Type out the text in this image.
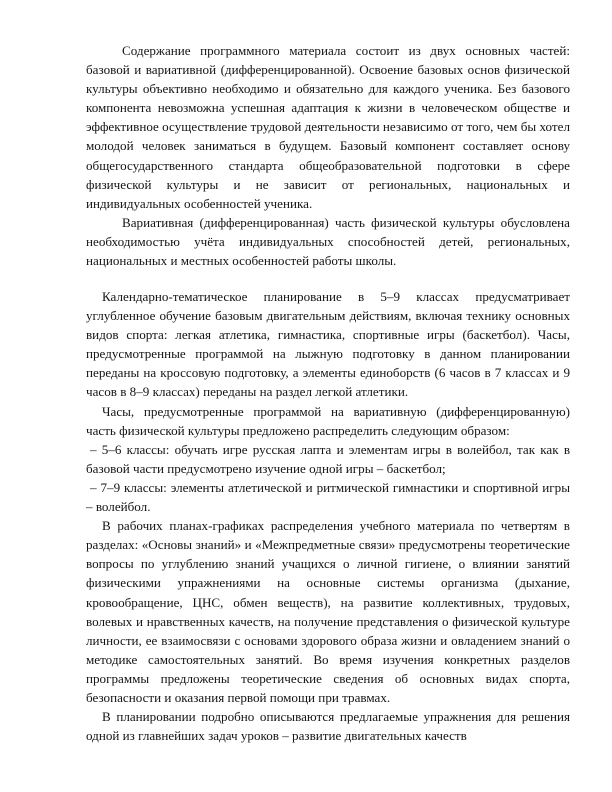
Содержание программного материала состоит из двух основных частей: базовой и вариативной (дифференцированной). Освоение базовых основ физической культуры объективно необходимо и обязательно для каждого ученика. Без базового компонента невозможна успешная адаптация к жизни в человеческом обществе и эффективное осуществление трудовой деятельности независимо от того, чем бы хотел молодой человек заниматься в будущем. Базовый компонент составляет основу общегосударственного стандарта общеобразовательной подготовки в сфере физической культуры и не зависит от региональных, национальных и индивидуальных особенностей ученика.

Вариативная (дифференцированная) часть физической культуры обусловлена необходимостью учёта индивидуальных способностей детей, региональных, национальных и местных особенностей работы школы.

Календарно-тематическое планирование в 5–9 классах предусматривает углубленное обучение базовым двигательным действиям, включая технику основных видов спорта: легкая атлетика, гимнастика, спортивные игры (баскетбол). Часы, предусмотренные программой на лыжную подготовку в данном планировании переданы на кроссовую подготовку, а элементы единоборств (6 часов в 7 классах и 9 часов в 8–9 классах) переданы на раздел легкой атлетики.

Часы, предусмотренные программой на вариативную (дифференцированную) часть физической культуры предложено распределить следующим образом:

– 5–6 классы: обучать игре русская лапта и элементам игры в волейбол, так как в базовой части предусмотрено изучение одной игры – баскетбол;

– 7–9 классы: элементы атлетической и ритмической гимнастики и спортивной игры – волейбол.

В рабочих планах-графиках распределения учебного материала по четвертям в разделах: «Основы знаний» и «Межпредметные связи» предусмотрены теоретические вопросы по углублению знаний учащихся о личной гигиене, о влиянии занятий физическими упражнениями на основные системы организма (дыхание, кровообращение, ЦНС, обмен веществ), на развитие коллективных, трудовых, волевых и нравственных качеств, на получение представления о физической культуре личности, ее взаимосвязи с основами здорового образа жизни и овладением знаний о методике самостоятельных занятий. Во время изучения конкретных разделов программы предложены теоретические сведения об основных видах спорта, безопасности и оказания первой помощи при травмах.

В планировании подробно описываются предлагаемые упражнения для решения одной из главнейших задач уроков – развитие двигательных качеств
